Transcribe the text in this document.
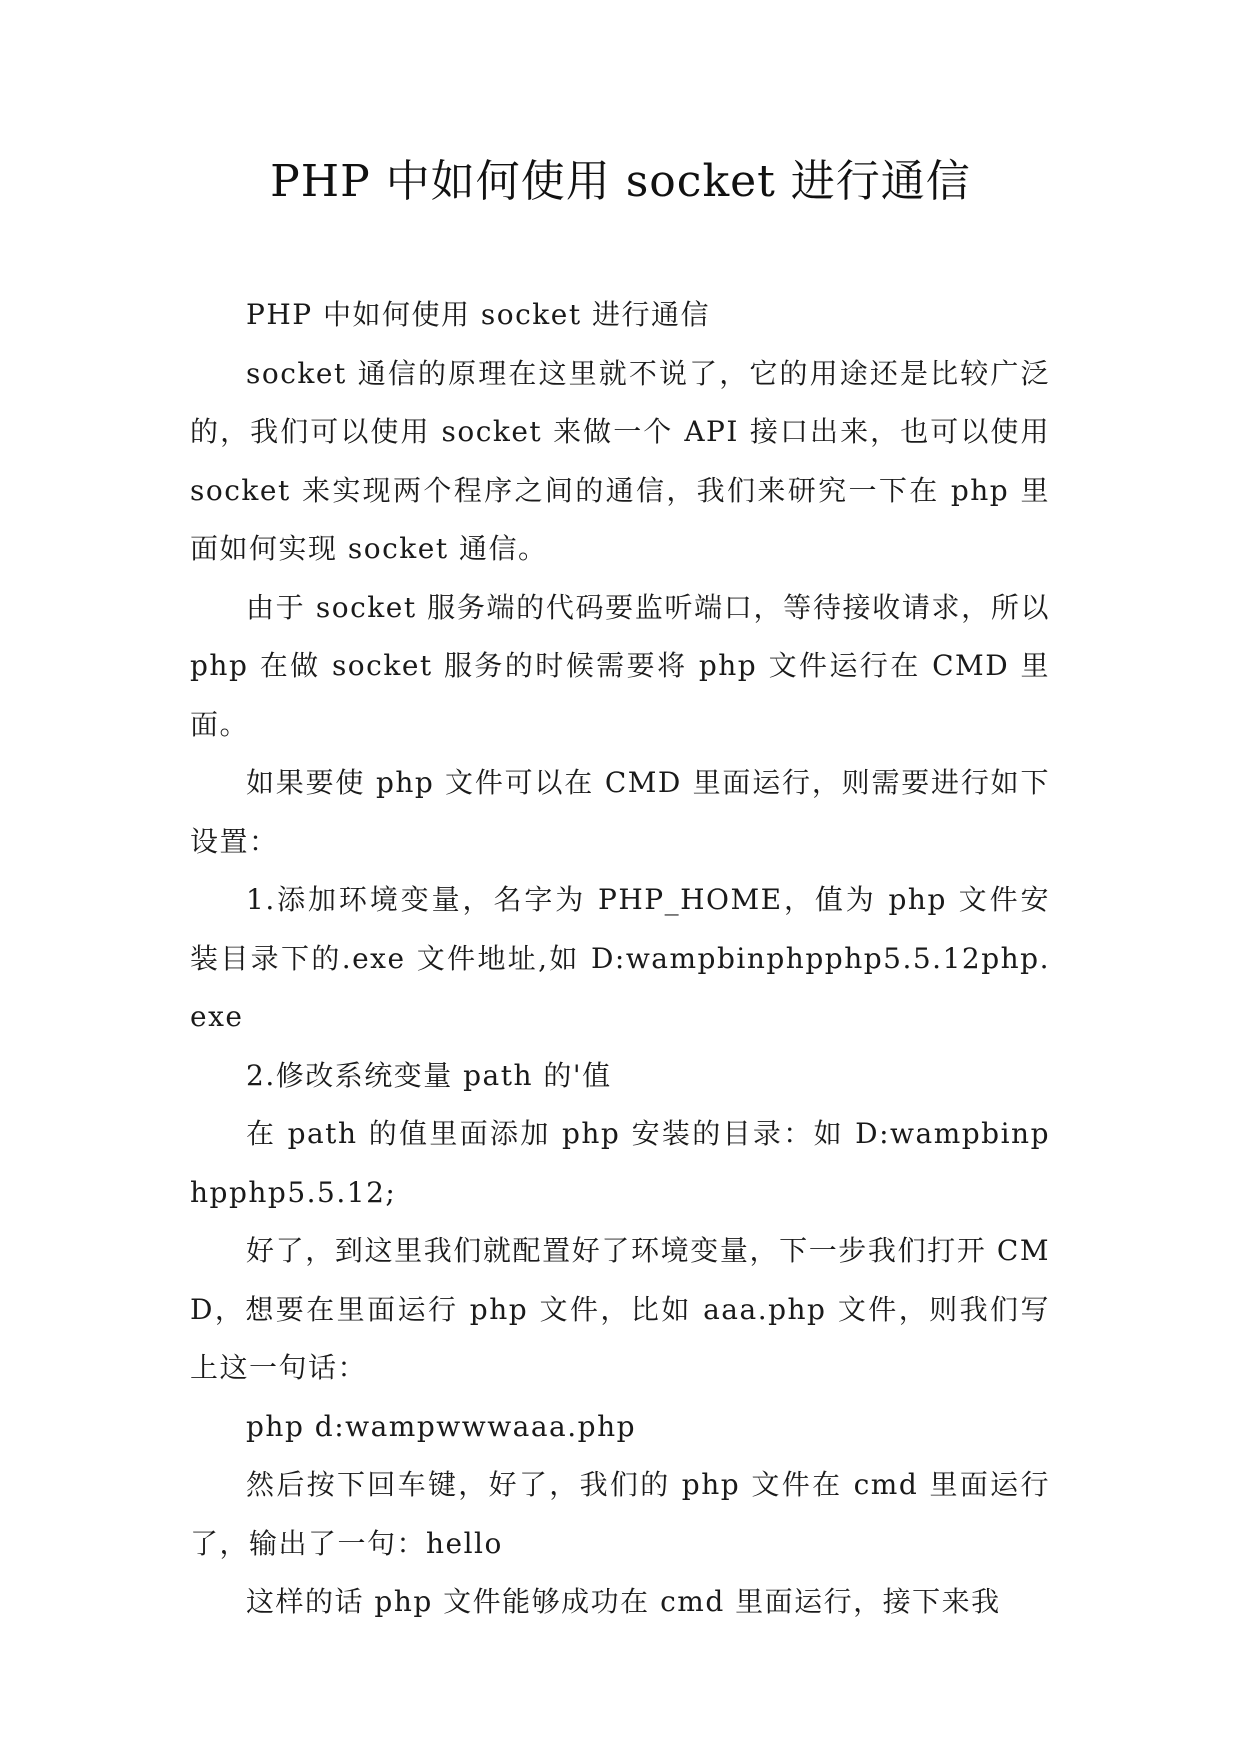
PHP 中如何使用 socket 进行通信

PHP 中如何使用 socket 进行通信

socket 通信的原理在这里就不说了，它的用途还是比较广泛的，我们可以使用 socket 来做一个 API 接口出来，也可以使用 socket 来实现两个程序之间的通信，我们来研究一下在 php 里面如何实现 socket 通信。

由于 socket 服务端的代码要监听端口，等待接收请求，所以 php 在做 socket 服务的时候需要将 php 文件运行在 CMD 里面。

如果要使 php 文件可以在 CMD 里面运行，则需要进行如下设置：

1.添加环境变量，名字为 PHP_HOME，值为 php 文件安装目录下的.exe 文件地址,如 D:wampbinphpphp5.5.12php.exe

2.修改系统变量 path 的'值

在 path 的值里面添加 php 安装的目录：如 D:wampbinphpphp5.5.12;

好了，到这里我们就配置好了环境变量，下一步我们打开 CMD，想要在里面运行 php 文件，比如 aaa.php 文件，则我们写上这一句话：

php d:wampwwwaaa.php

然后按下回车键，好了，我们的 php 文件在 cmd 里面运行了，输出了一句：hello

这样的话 php 文件能够成功在 cmd 里面运行，接下来我
